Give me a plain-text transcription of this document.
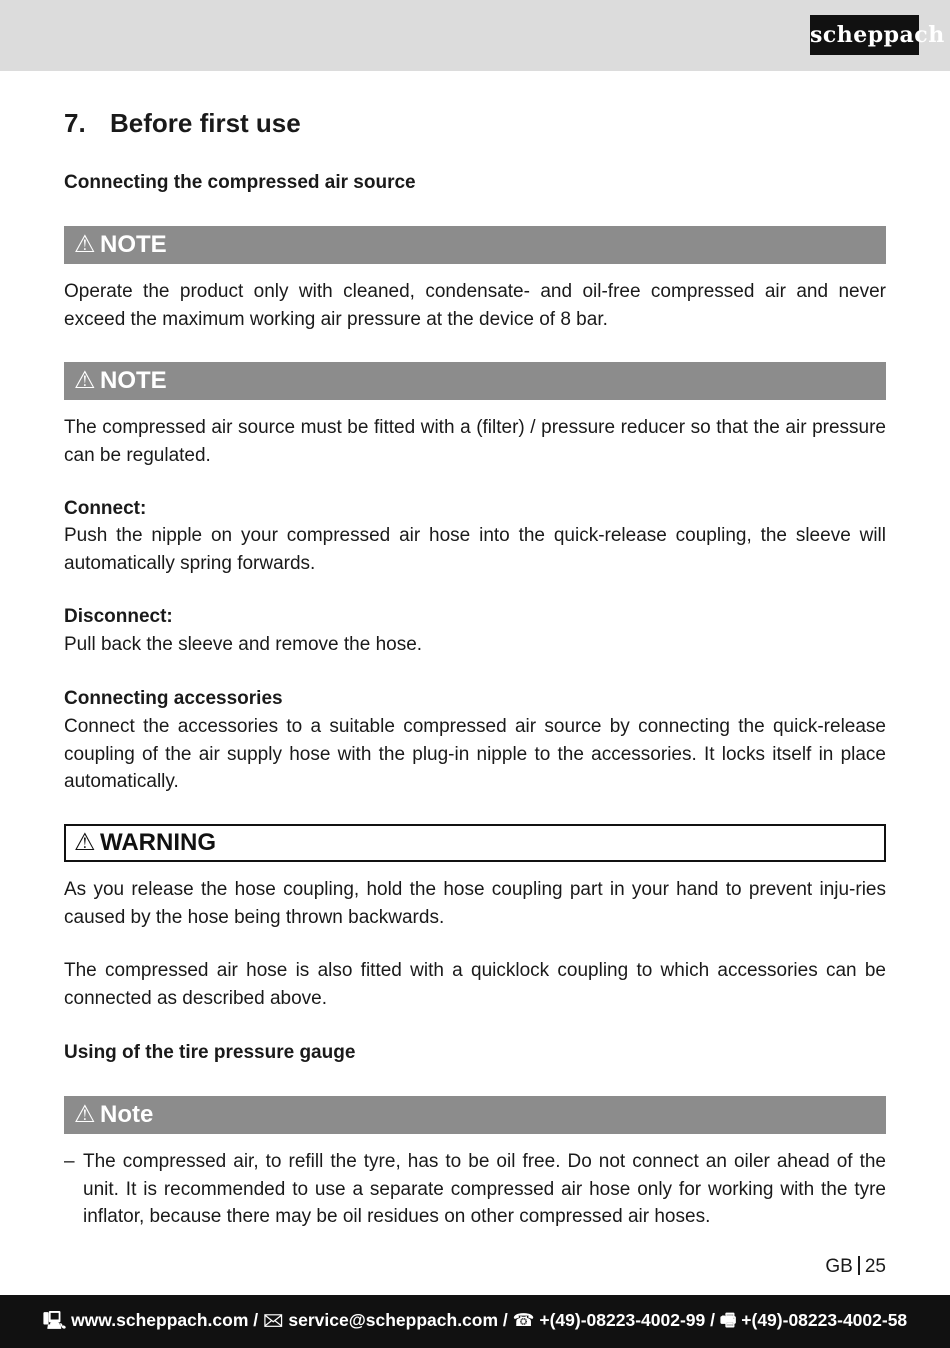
scheppach
7. Before first use
Connecting the compressed air source
⚠ NOTE
Operate the product only with cleaned, condensate- and oil-free compressed air and never exceed the maximum working air pressure at the device of 8 bar.
⚠ NOTE
The compressed air source must be fitted with a (filter) / pressure reducer so that the air pressure can be regulated.
Connect:
Push the nipple on your compressed air hose into the quick-release coupling, the sleeve will automatically spring forwards.
Disconnect:
Pull back the sleeve and remove the hose.
Connecting accessories
Connect the accessories to a suitable compressed air source by connecting the quick-release coupling of the air supply hose with the plug-in nipple to the accessories. It locks itself in place automatically.
⚠ WARNING
As you release the hose coupling, hold the hose coupling part in your hand to prevent inju-ries caused by the hose being thrown backwards.
The compressed air hose is also fitted with a quicklock coupling to which accessories can be connected as described above.
Using of the tire pressure gauge
⚠ Note
– The compressed air, to refill the tyre, has to be oil free. Do not connect an oiler ahead of the unit. It is recommended to use a separate compressed air hose only for working with the tyre inflator, because there may be oil residues on other compressed air hoses.
GB 25
🖳 www.scheppach.com / 🖂 service@scheppach.com / ☎ +(49)-08223-4002-99 / 🖷 +(49)-08223-4002-58
